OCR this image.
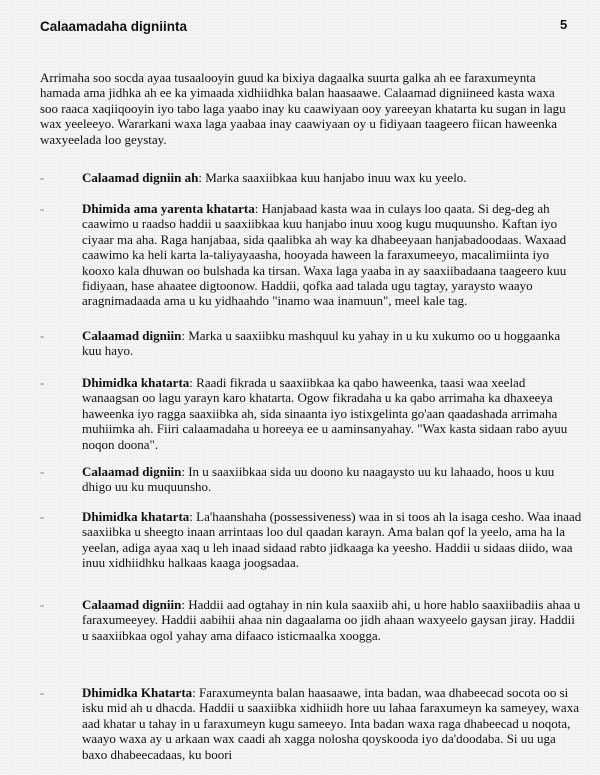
Calaamadaha digniinta	5

Arrimaha soo socda ayaa tusaalooyin guud ka bixiya dagaalka suurta galka ah ee faraxumeynta hamada ama jidhka ah ee ka yimaada xidhiidhka balan haasaawe. Calaamad digniineed kasta waxa soo raaca xaqiiqooyin iyo tabo laga yaabo inay ku caawiyaan ooy yareeyan khatarta ku sugan in lagu wax yeeleeyo. Wararkani waxa laga yaabaa inay caawiyaan oy u fidiyaan taageero fiican haweenka waxyeelada loo geystay.

-	Calaamad digniin ah: Marka saaxiibkaa kuu hanjabo inuu wax ku yeelo.

-	Dhimida ama yarenta khatarta: Hanjabaad kasta waa in culays loo qaata. Si deg-deg ah caawimo u raadso haddii u saaxiibkaa kuu hanjabo inuu xoog kugu muquunsho. Kaftan iyo ciyaar ma aha. Raga hanjabaa, sida qaalibka ah way ka dhabeeyaan hanjabadoodaas. Waxaad caawimo ka heli karta la-taliyayaasha, hooyada haween la faraxumeeyo, macalimiinta iyo kooxo kala dhuwan oo bulshada ka tirsan. Waxa laga yaaba in ay saaxiibadaana taageero kuu fidiyaan, hase ahaatee digtoonow. Haddii, qofka aad talada ugu tagtay, yaraysto waayo aragnimadaada ama u ku yidhaahdo "inamo waa inamuun", meel kale tag.

-	Calaamad digniin: Marka u saaxiibku mashquul ku yahay in u ku xukumo oo u hoggaanka kuu hayo.

-	Dhimidka khatarta: Raadi fikrada u saaxiibkaa ka qabo haweenka, taasi waa xeelad wanaagsan oo lagu yarayn karo khatarta. Ogow fikradaha u ka qabo arrimaha ka dhaxeeya haweenka iyo ragga saaxiibka ah, sida sinaanta iyo istixgelinta go'aan qaadashada arrimaha muhiimka ah. Fiiri calaamadaha u horeeya ee u aaminsanyahay. "Wax kasta sidaan rabo ayuu noqon doona".

-	Calaamad digniin: In u saaxiibkaa sida uu doono ku naagaysto uu ku lahaado, hoos u kuu dhigo uu ku muquunsho.

-	Dhimidka khatarta: La'haanshaha (possessiveness) waa in si toos ah la isaga cesho. Waa inaad saaxiibka u sheegto inaan arrintaas loo dul qaadan karayn. Ama balan qof la yeelo, ama ha la yeelan, adiga ayaa xaq u leh inaad sidaad rabto jidkaaga ka yeesho. Haddii u sidaas diido, waa inuu xidhiidhku halkaas kaaga joogsadaa.

-	Calaamad digniin: Haddii aad ogtahay in nin kula saaxiib ahi, u hore hablo saaxiibadiis ahaa u faraxumeeyey. Haddii aabihii ahaa nin dagaalama oo jidh ahaan waxyeelo gaysan jiray. Haddii u saaxiibkaa ogol yahay ama difaaco isticmaalka xoogga.

-	Dhimidka Khatarta: Faraxumeynta balan haasaawe, inta badan, waa dhabeecad socota oo si isku mid ah u dhacda. Haddii u saaxiibka xidhiidh hore uu lahaa faraxumeyn ka sameyey, waxa aad khatar u tahay in u faraxumeyn kugu sameeyo. Inta badan waxa raga dhabeecad u noqota, waayo waxa ay u arkaan wax caadi ah xagga nolosha qoyskooda iyo da'doodaba. Si uu uga baxo dhabeecadaas, ku boori
